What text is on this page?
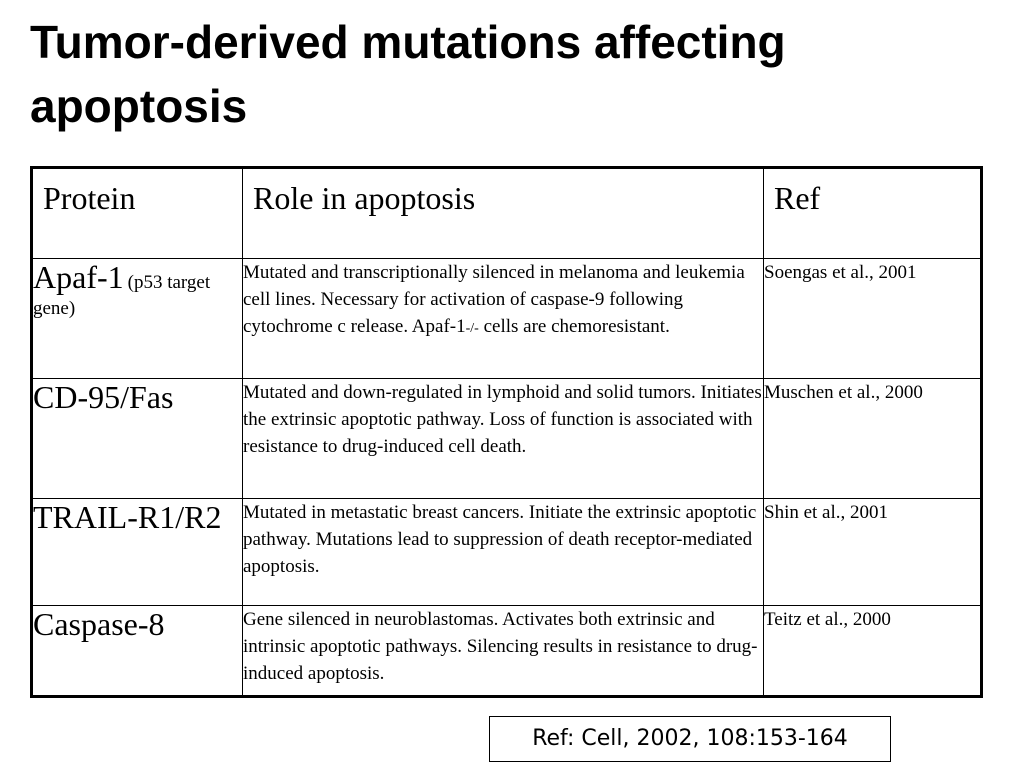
Tumor-derived mutations affecting apoptosis
Protein	Role in apoptosis	Ref
Apaf-1 (p53 target gene)	Mutated and transcriptionally silenced in melanoma and leukemia cell lines. Necessary for activation of caspase-9 following cytochrome c release. Apaf-1-/- cells are chemoresistant.	Soengas et al., 2001
CD-95/Fas	Mutated and down-regulated in lymphoid and solid tumors. Initiates the extrinsic apoptotic pathway. Loss of function is associated with resistance to drug-induced cell death.	Muschen et al., 2000
TRAIL-R1/R2	Mutated in metastatic breast cancers. Initiate the extrinsic apoptotic pathway. Mutations lead to suppression of death receptor-mediated apoptosis.	Shin et al., 2001
Caspase-8	Gene silenced in neuroblastomas. Activates both extrinsic and intrinsic apoptotic pathways. Silencing results in resistance to drug-induced apoptosis.	Teitz et al., 2000
Ref: Cell, 2002, 108:153-164
